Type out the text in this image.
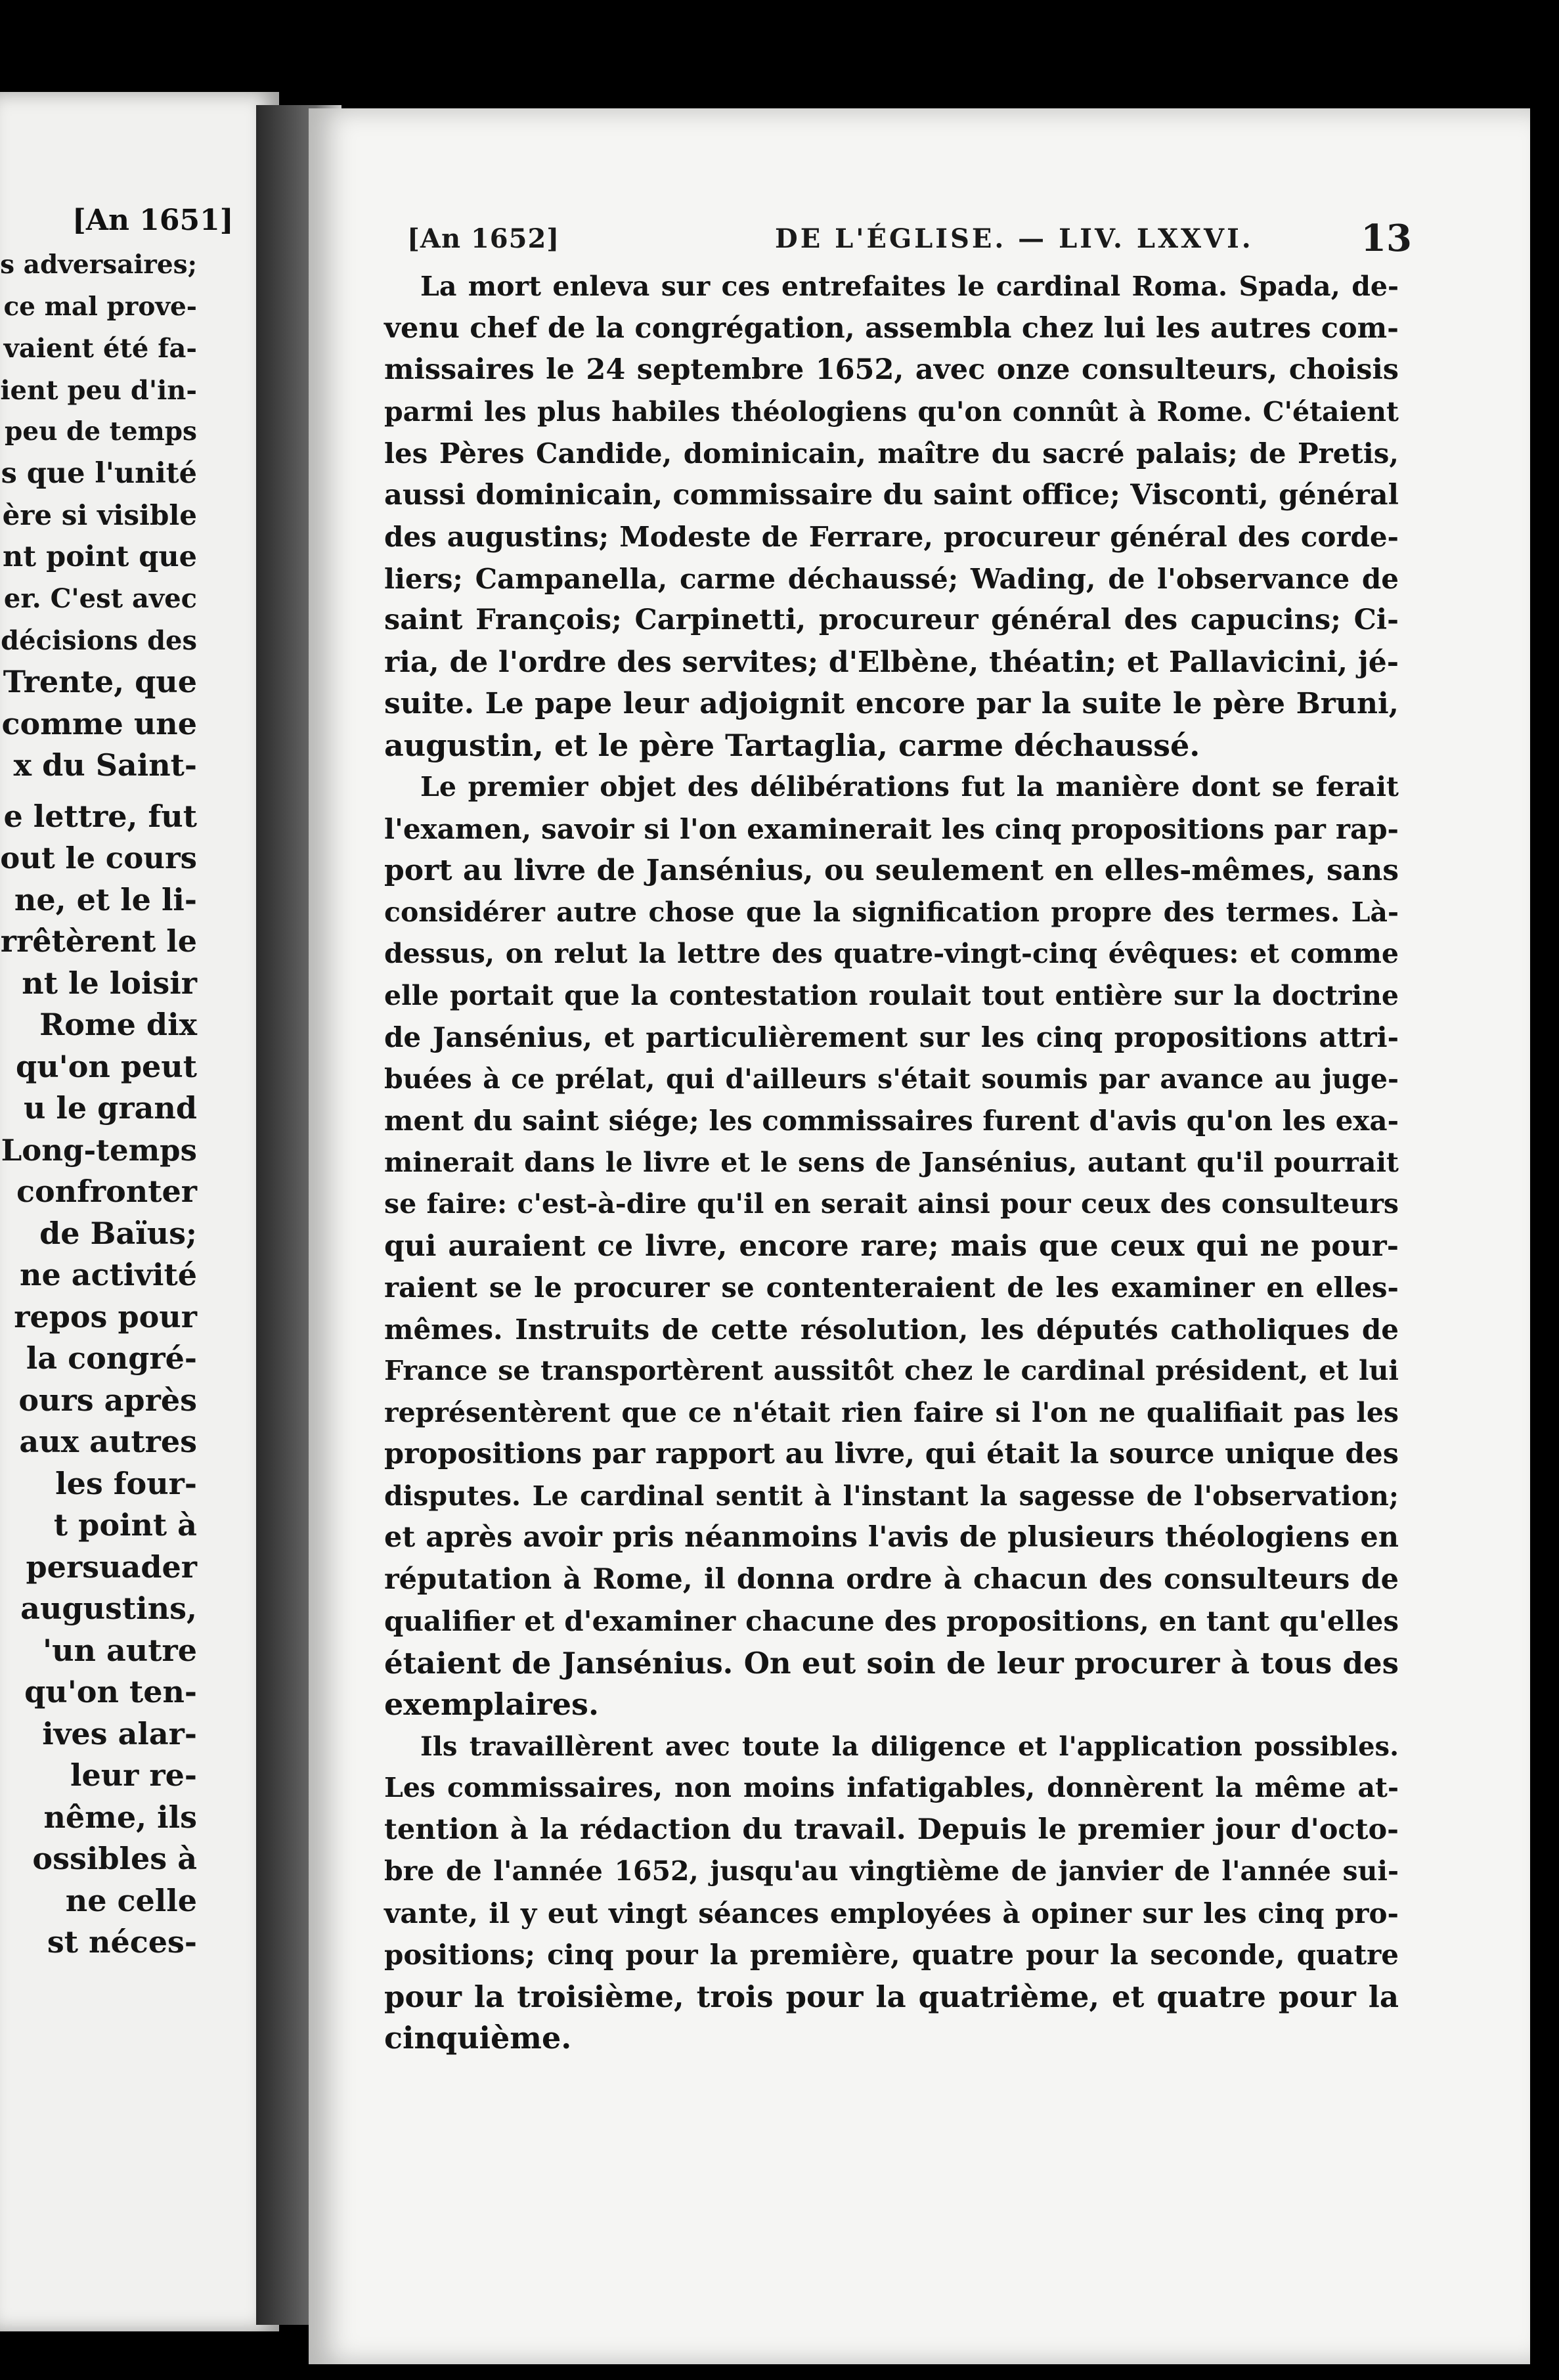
[An 1651]
s adversaires;
ce mal prove-
vaient été fa-
ient peu d'in-
peu de temps
s que l'unité
ère si visible
nt point que
er. C'est avec
décisions des
Trente, que
comme une
x du Saint-
e lettre, fut
out le cours
ne, et le li-
rrêtèrent le
nt le loisir
Rome dix
qu'on peut
u le grand
Long-temps
confronter
de Baïus;
ne activité
repos pour
la congré-
ours après
aux autres
les four-
t point à
persuader
augustins,
'un autre
qu'on ten-
ives alar-
leur re-
nême, ils
ossibles à
ne celle
st néces-
[An 1652]	DE L'ÉGLISE. — LIV. LXXVI.	13
La mort enleva sur ces entrefaites le cardinal Roma. Spada, de-
venu chef de la congrégation, assembla chez lui les autres com-
missaires le 24 septembre 1652, avec onze consulteurs, choisis
parmi les plus habiles théologiens qu'on connût à Rome. C'étaient
les Pères Candide, dominicain, maître du sacré palais; de Pretis,
aussi dominicain, commissaire du saint office; Visconti, général
des augustins; Modeste de Ferrare, procureur général des corde-
liers; Campanella, carme déchaussé; Wading, de l'observance de
saint François; Carpinetti, procureur général des capucins; Ci-
ria, de l'ordre des servites; d'Elbène, théatin; et Pallavicini, jé-
suite. Le pape leur adjoignit encore par la suite le père Bruni,
augustin, et le père Tartaglia, carme déchaussé.
Le premier objet des délibérations fut la manière dont se ferait
l'examen, savoir si l'on examinerait les cinq propositions par rap-
port au livre de Jansénius, ou seulement en elles-mêmes, sans
considérer autre chose que la signification propre des termes. Là-
dessus, on relut la lettre des quatre-vingt-cinq évêques: et comme
elle portait que la contestation roulait tout entière sur la doctrine
de Jansénius, et particulièrement sur les cinq propositions attri-
buées à ce prélat, qui d'ailleurs s'était soumis par avance au juge-
ment du saint siége; les commissaires furent d'avis qu'on les exa-
minerait dans le livre et le sens de Jansénius, autant qu'il pourrait
se faire: c'est-à-dire qu'il en serait ainsi pour ceux des consulteurs
qui auraient ce livre, encore rare; mais que ceux qui ne pour-
raient se le procurer se contenteraient de les examiner en elles-
mêmes. Instruits de cette résolution, les députés catholiques de
France se transportèrent aussitôt chez le cardinal président, et lui
représentèrent que ce n'était rien faire si l'on ne qualifiait pas les
propositions par rapport au livre, qui était la source unique des
disputes. Le cardinal sentit à l'instant la sagesse de l'observation;
et après avoir pris néanmoins l'avis de plusieurs théologiens en
réputation à Rome, il donna ordre à chacun des consulteurs de
qualifier et d'examiner chacune des propositions, en tant qu'elles
étaient de Jansénius. On eut soin de leur procurer à tous des
exemplaires.
Ils travaillèrent avec toute la diligence et l'application possibles.
Les commissaires, non moins infatigables, donnèrent la même at-
tention à la rédaction du travail. Depuis le premier jour d'octo-
bre de l'année 1652, jusqu'au vingtième de janvier de l'année sui-
vante, il y eut vingt séances employées à opiner sur les cinq pro-
positions; cinq pour la première, quatre pour la seconde, quatre
pour la troisième, trois pour la quatrième, et quatre pour la
cinquième.
